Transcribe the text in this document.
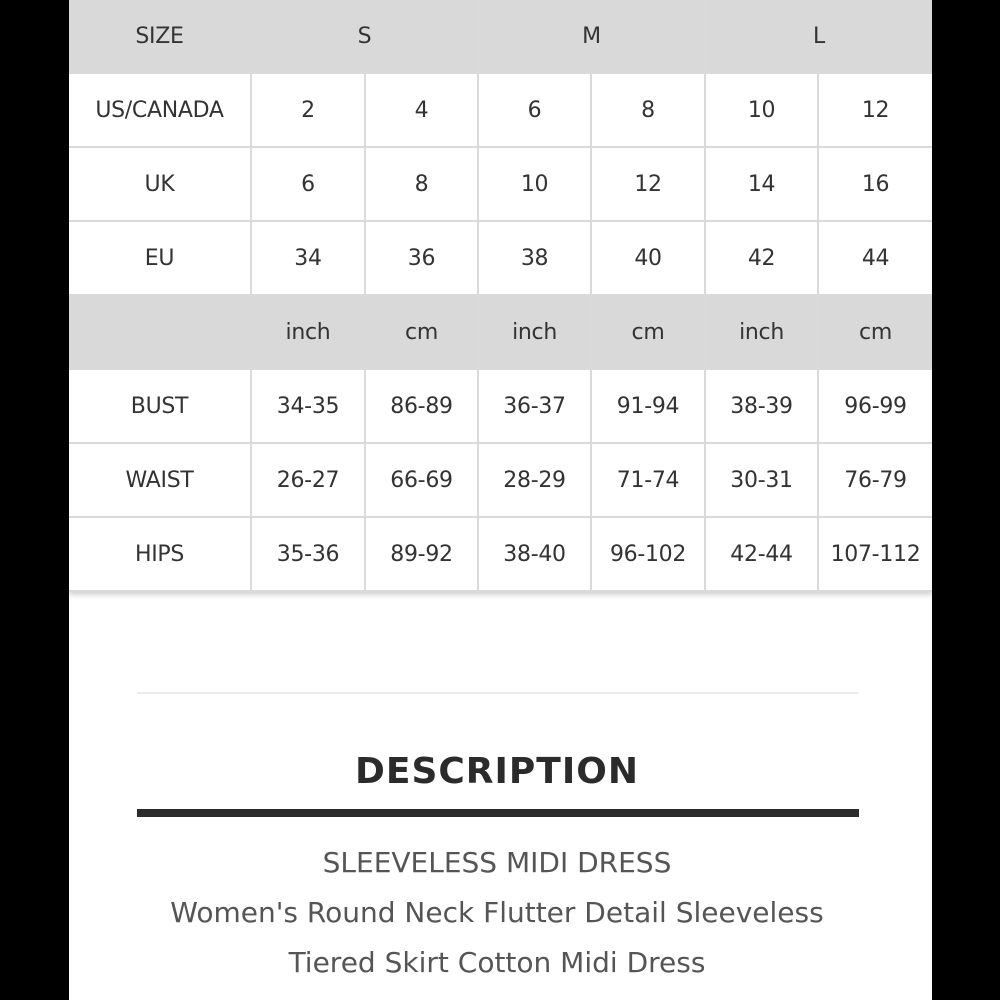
SIZE	S		M		L	
US/CANADA	2	4	6	8	10	12
UK	6	8	10	12	14	16
EU	34	36	38	40	42	44
	inch	cm	inch	cm	inch	cm
BUST	34-35	86-89	36-37	91-94	38-39	96-99
WAIST	26-27	66-69	28-29	71-74	30-31	76-79
HIPS	35-36	89-92	38-40	96-102	42-44	107-112
DESCRIPTION
SLEEVELESS MIDI DRESS
Women's Round Neck Flutter Detail Sleeveless
Tiered Skirt Cotton Midi Dress
